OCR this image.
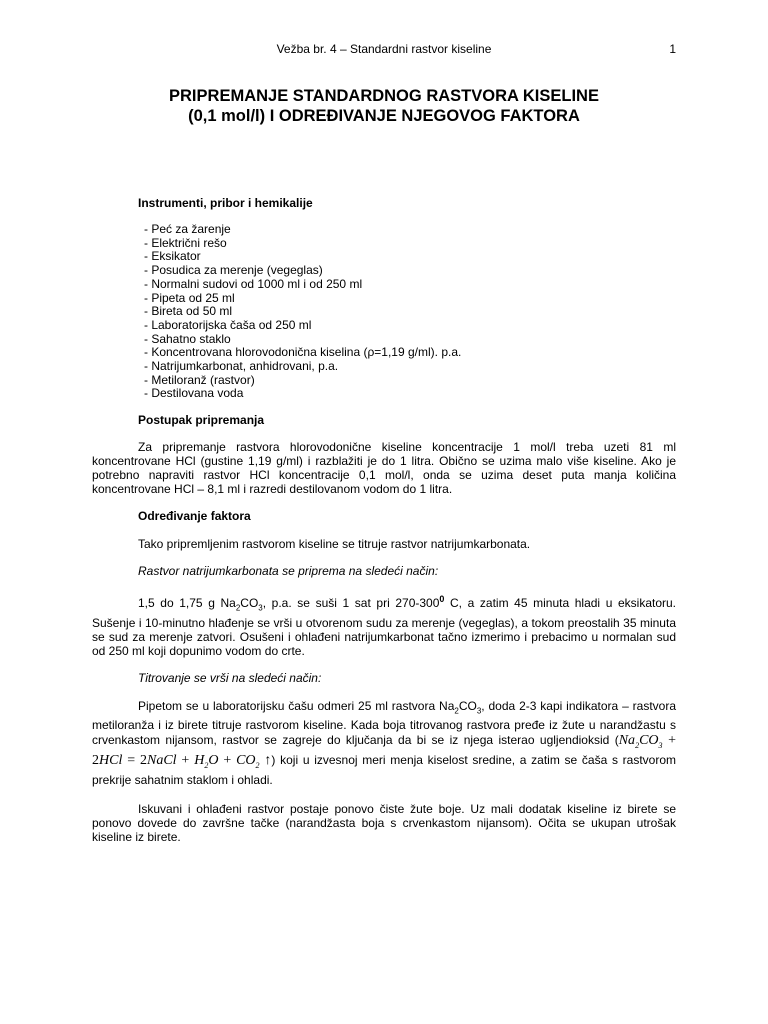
Vežba br. 4 – Standardni rastvor kiseline	1
PRIPREMANJE STANDARDNOG RASTVORA KISELINE
(0,1 mol/l) I ODREĐIVANJE NJEGOVOG FAKTORA
Instrumenti, pribor i hemikalije
- Peć za žarenje
- Električni rešo
- Eksikator
- Posudica za merenje (vegeglas)
- Normalni sudovi od 1000 ml i od 250 ml
- Pipeta od 25 ml
- Bireta od 50 ml
- Laboratorijska čaša od 250 ml
- Sahatno staklo
- Koncentrovana hlorovodonična kiselina (ρ=1,19 g/ml). p.a.
- Natrijumkarbonat, anhidrovani, p.a.
- Metiloranž (rastvor)
- Destilovana voda
Postupak pripremanja

Za pripremanje rastvora hlorovodonične kiseline koncentracije 1 mol/l treba uzeti 81 ml koncentrovane HCl (gustine 1,19 g/ml) i razblažiti je do 1 litra. Obično se uzima malo više kiseline. Ako je potrebno napraviti rastvor HCl koncentracije 0,1 mol/l, onda se uzima deset puta manja količina koncentrovane HCl – 8,1 ml i razredi destilovanom vodom do 1 litra.

Određivanje faktora

Tako pripremljenim rastvorom kiseline se titruje rastvor natrijumkarbonata.

Rastvor natrijumkarbonata se priprema na sledeći način:

1,5 do 1,75 g $Na_2CO_3$, p.a. se suši 1 sat pri $270-300^0$ C, a zatim 45 minuta hladi u eksikatoru. Sušenje i 10-minutno hlađenje se vrši u otvorenom sudu za merenje (vegeglas), a tokom preostalih 35 minuta se sud za merenje zatvori. Osušeni i ohlađeni natrijumkarbonat tačno izmerimo i prebacimo u normalan sud od 250 ml koji dopunimo vodom do crte.

Titrovanje se vrši na sledeći način:

Pipetom se u laboratorijsku čašu odmeri 25 ml rastvora $Na_2CO_3$, doda 2-3 kapi indikatora – rastvora metiloranža i iz birete titruje rastvorom kiseline. Kada boja titrovanog rastvora pređe iz žute u narandžastu s crvenkastom nijansom, rastvor se zagreje do ključanja da bi se iz njega isterao ugljendioksid ($Na_2CO_3 + 2HCl$ = 2NaCl + $H_2O + CO_2$ ↑) koji u izvesnoj meri menja kiselost sredine, a zatim se čaša s rastvorom prekrije sahatnim staklom i ohladi.

Iskuvani i ohlađeni rastvor postaje ponovo čiste žute boje. Uz mali dodatak kiseline iz birete se ponovo dovede do završne tačke (narandžasta boja s crvenkastom nijansom). Očita se ukupan utrošak kiseline iz birete.
